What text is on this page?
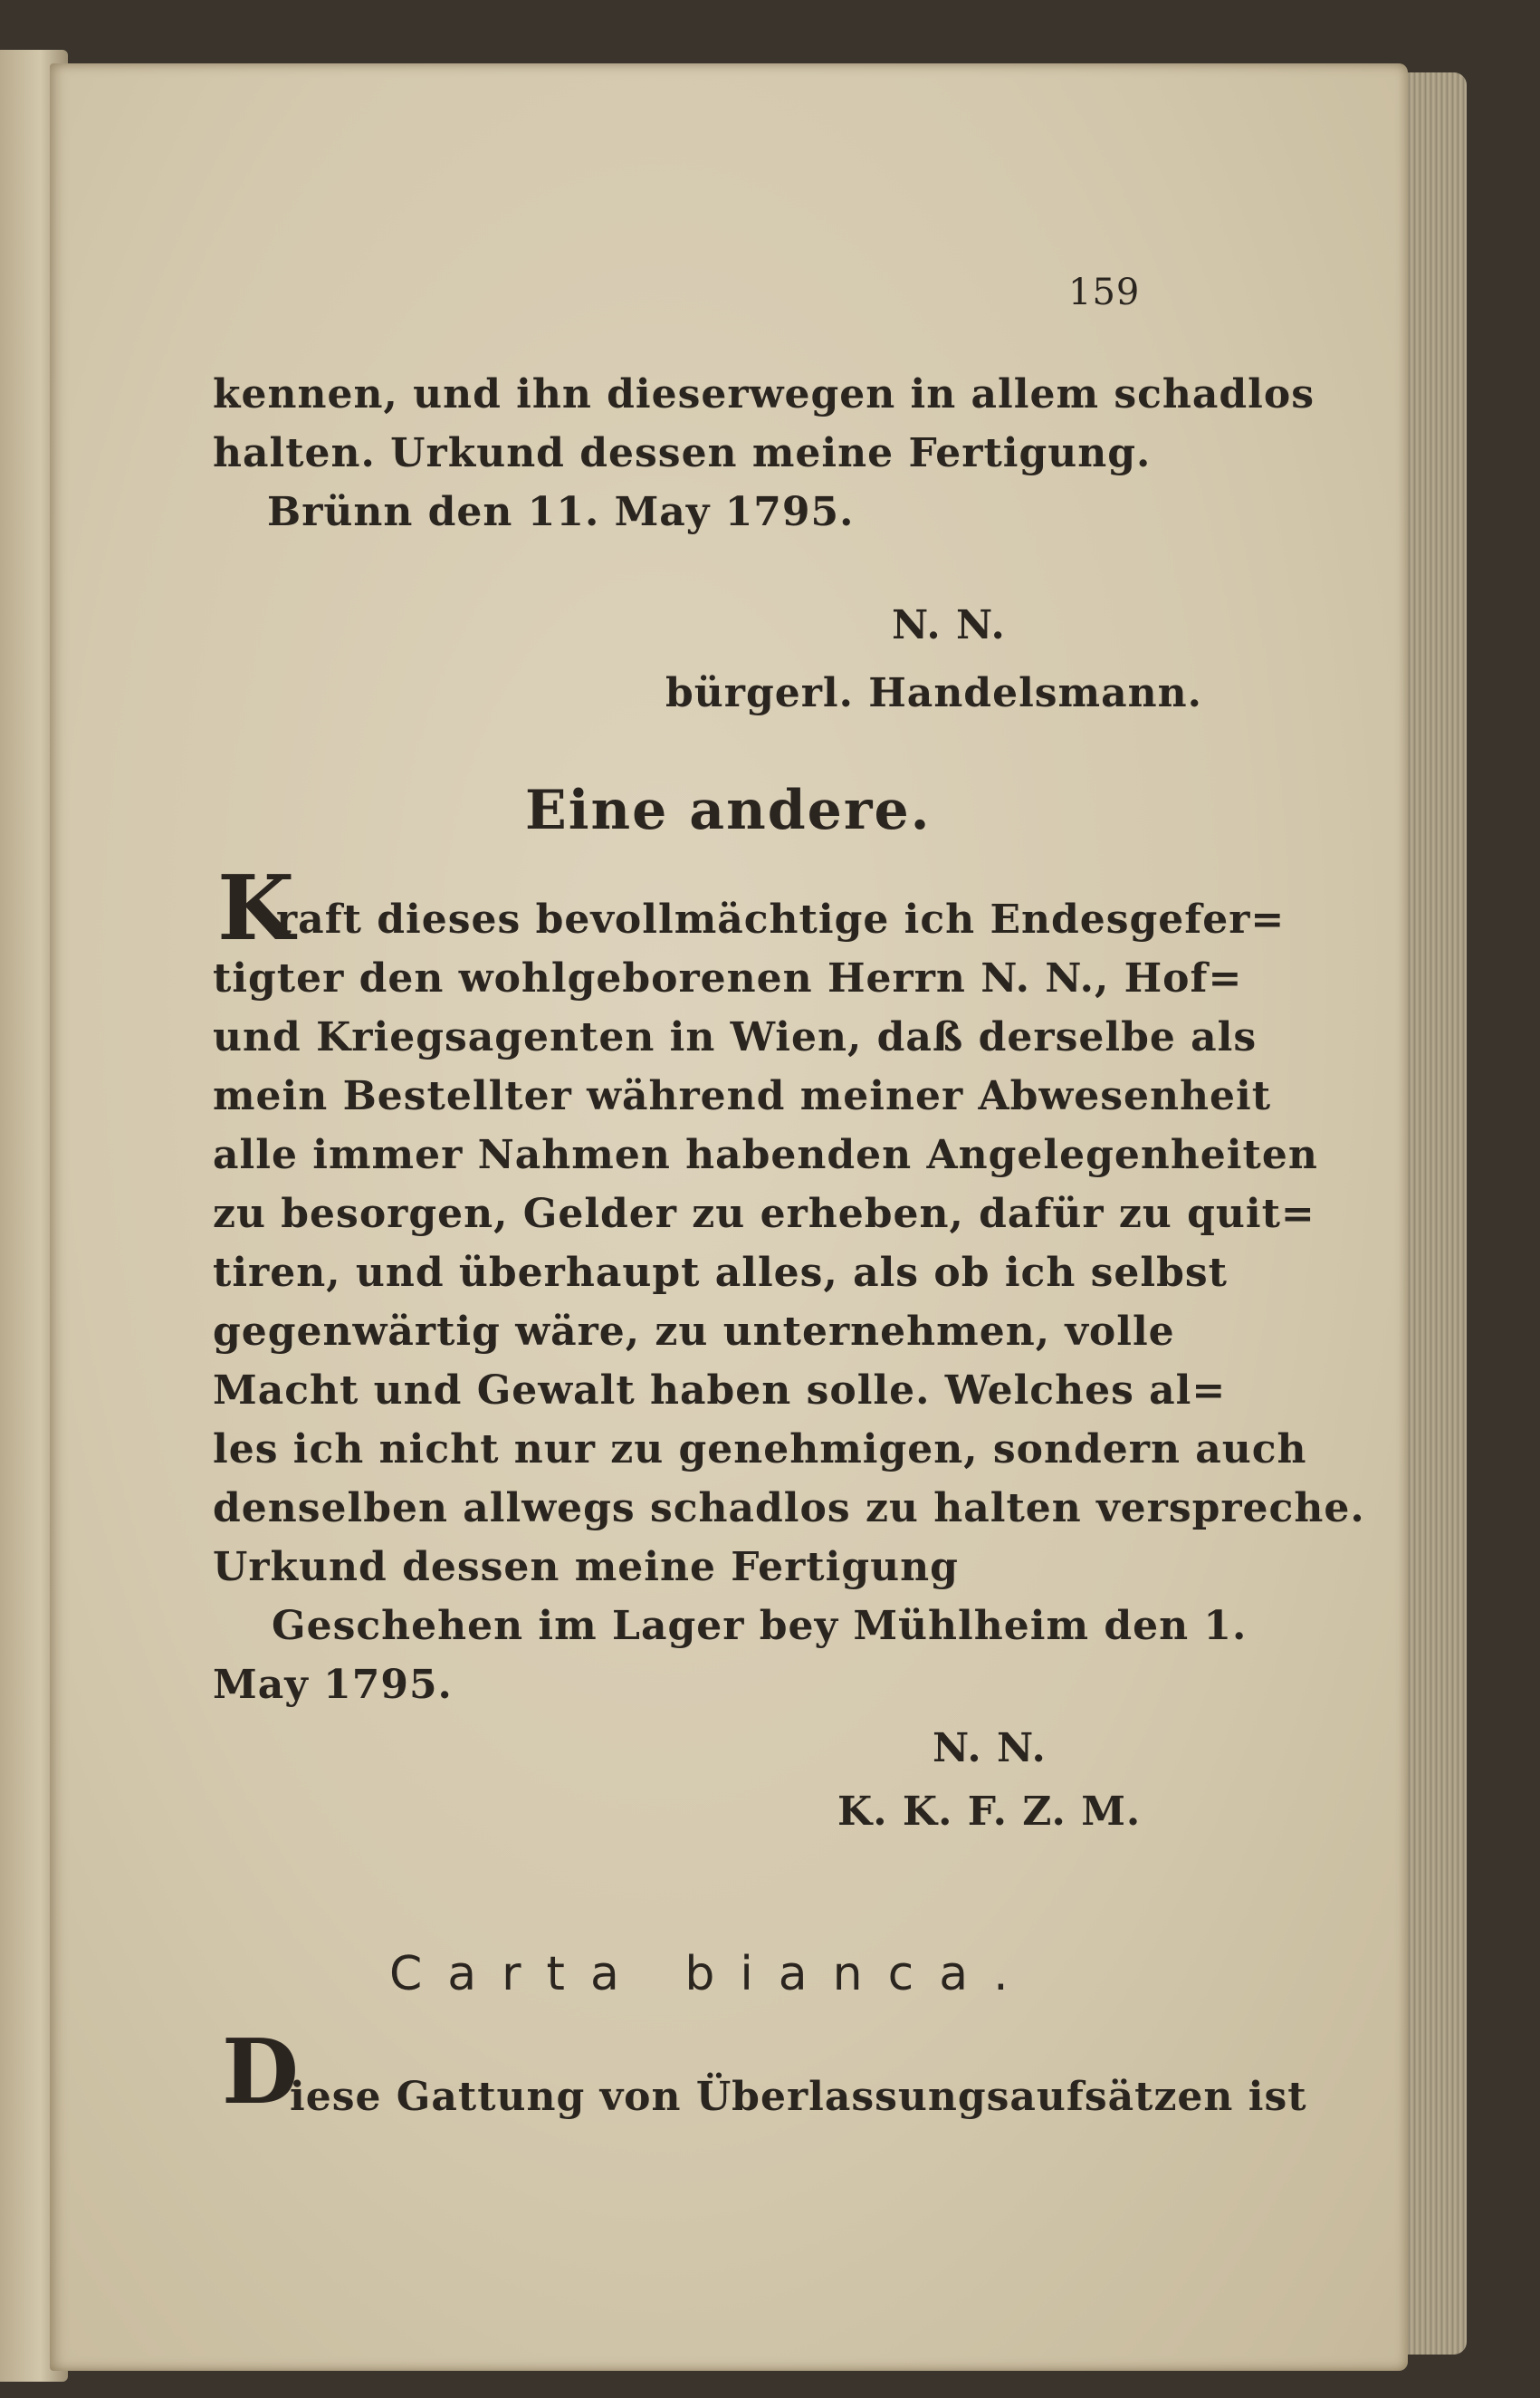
159
kennen, und ihn dieserwegen in allem schadlos
halten. Urkund dessen meine Fertigung.
Brünn den 11. May 1795.
N. N.
bürgerl. Handelsmann.
Eine andere.
K
raft dieses bevollmächtige ich Endesgefer=
tigter den wohlgeborenen Herrn N. N., Hof=
und Kriegsagenten in Wien, daß derselbe als
mein Bestellter während meiner Abwesenheit
alle immer Nahmen habenden Angelegenheiten
zu besorgen, Gelder zu erheben, dafür zu quit=
tiren, und überhaupt alles, als ob ich selbst
gegenwärtig wäre, zu unternehmen, volle
Macht und Gewalt haben solle. Welches al=
les ich nicht nur zu genehmigen, sondern auch
denselben allwegs schadlos zu halten verspreche.
Urkund dessen meine Fertigung
Geschehen im Lager bey Mühlheim den 1.
May 1795.
N. N.
K. K. F. Z. M.
Carta bianca.
D
iese Gattung von Überlassungsaufsätzen ist
